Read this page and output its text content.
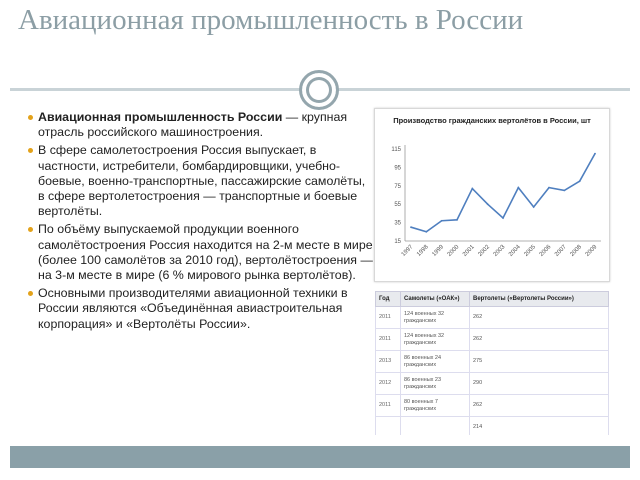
Авиационная промышленность в России
Авиационная промышленность России — крупная отрасль российского машиностроения.
В сфере самолетостроения Россия выпускает, в частности, истребители, бомбардировщики, учебно-боевые, военно-транспортные, пассажирские самолёты, в сфере вертолетостроения — транспортные и боевые вертолёты.
По объёму выпускаемой продукции военного самолётостроения Россия находится на 2-м месте в мире (более 100 самолётов за 2010 год), вертолётостроения — на 3-м месте в мире (6 % мирового рынка вертолётов).
Основными производителями авиационной техники в России являются «Объединённая авиастроительная корпорация» и «Вертолёты России».
Производство гражданских вертолётов в России, шт
15
35
55
75
95
115
1997 1998 1999 2000 2001 2002 2003 2004 2005 2006 2007 2008 2009
Год	Самолеты («ОАК»)	Вертолеты («Вертолеты России»)
2011	124 военных 32 гражданских	262
2011	124 военных 32 гражданских	262
2013	86 военных 24 гражданских	275
2012	86 военных 23 гражданских	290
2011	80 военных 7 гражданских	262
		214
